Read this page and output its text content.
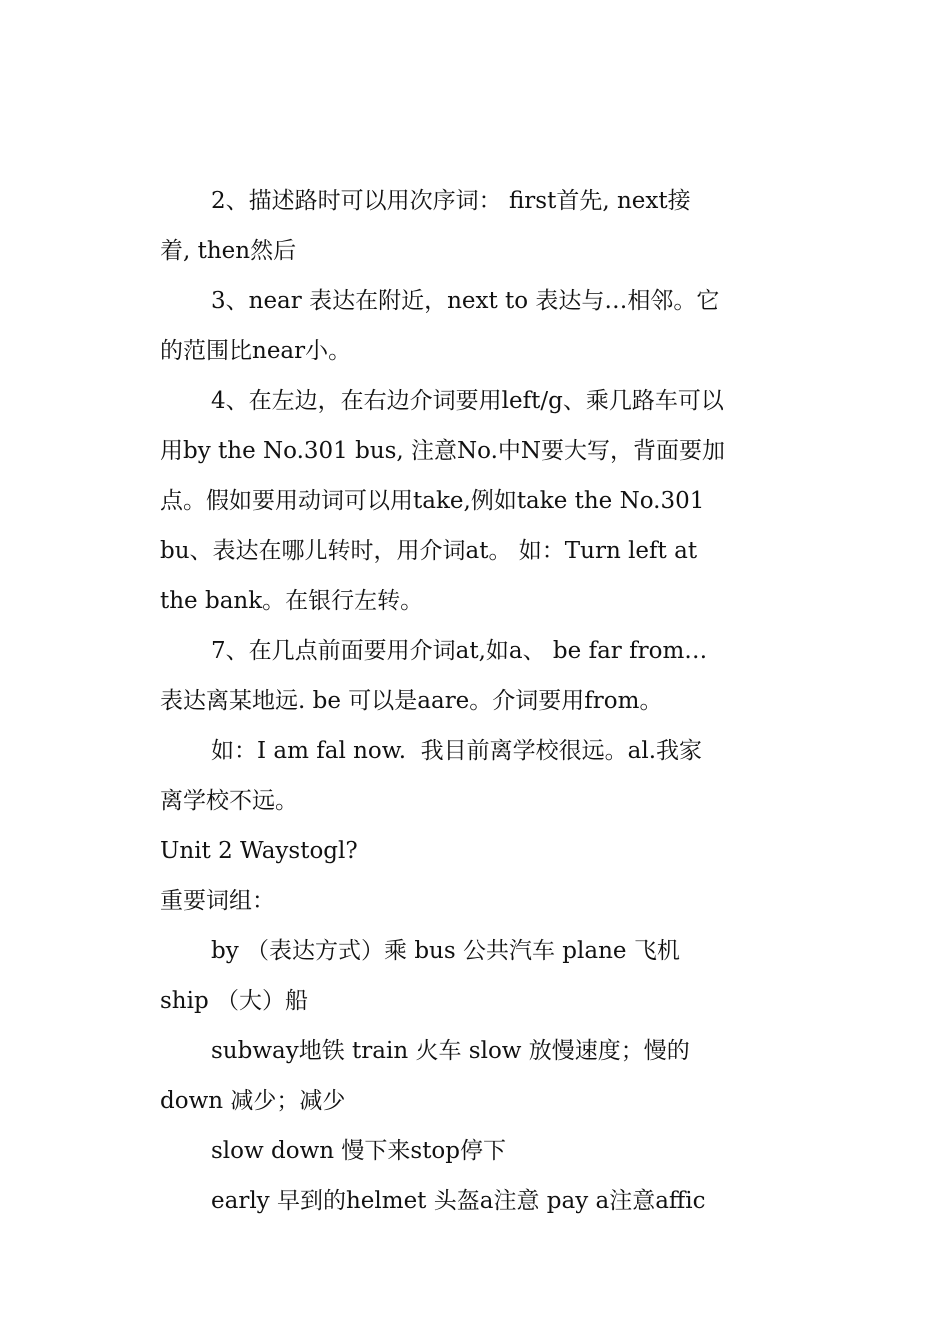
2、描述路时可以用次序词： first首先, next接
着, then然后
3、near 表达在附近，next to 表达与…相邻。它
的范围比near小。
4、在左边，在右边介词要用left/g、乘几路车可以
用by the No.301 bus, 注意No.中N要大写，背面要加
点。假如要用动词可以用take,例如take the No.301
bu、表达在哪儿转时，用介词at。 如：Turn left at
the bank。在银行左转。
7、在几点前面要用介词at,如a、 be far from…
表达离某地远. be 可以是aare。介词要用from。
如：I am fal now.  我目前离学校很远。al.我家
离学校不远。
Unit 2 Waystogl?
重要词组：
by （表达方式）乘 bus 公共汽车 plane 飞机
ship （大）船
subway地铁 train 火车 slow 放慢速度；慢的
down 减少；减少
slow down 慢下来stop停下
early 早到的helmet 头盔a注意 pay a注意affic
